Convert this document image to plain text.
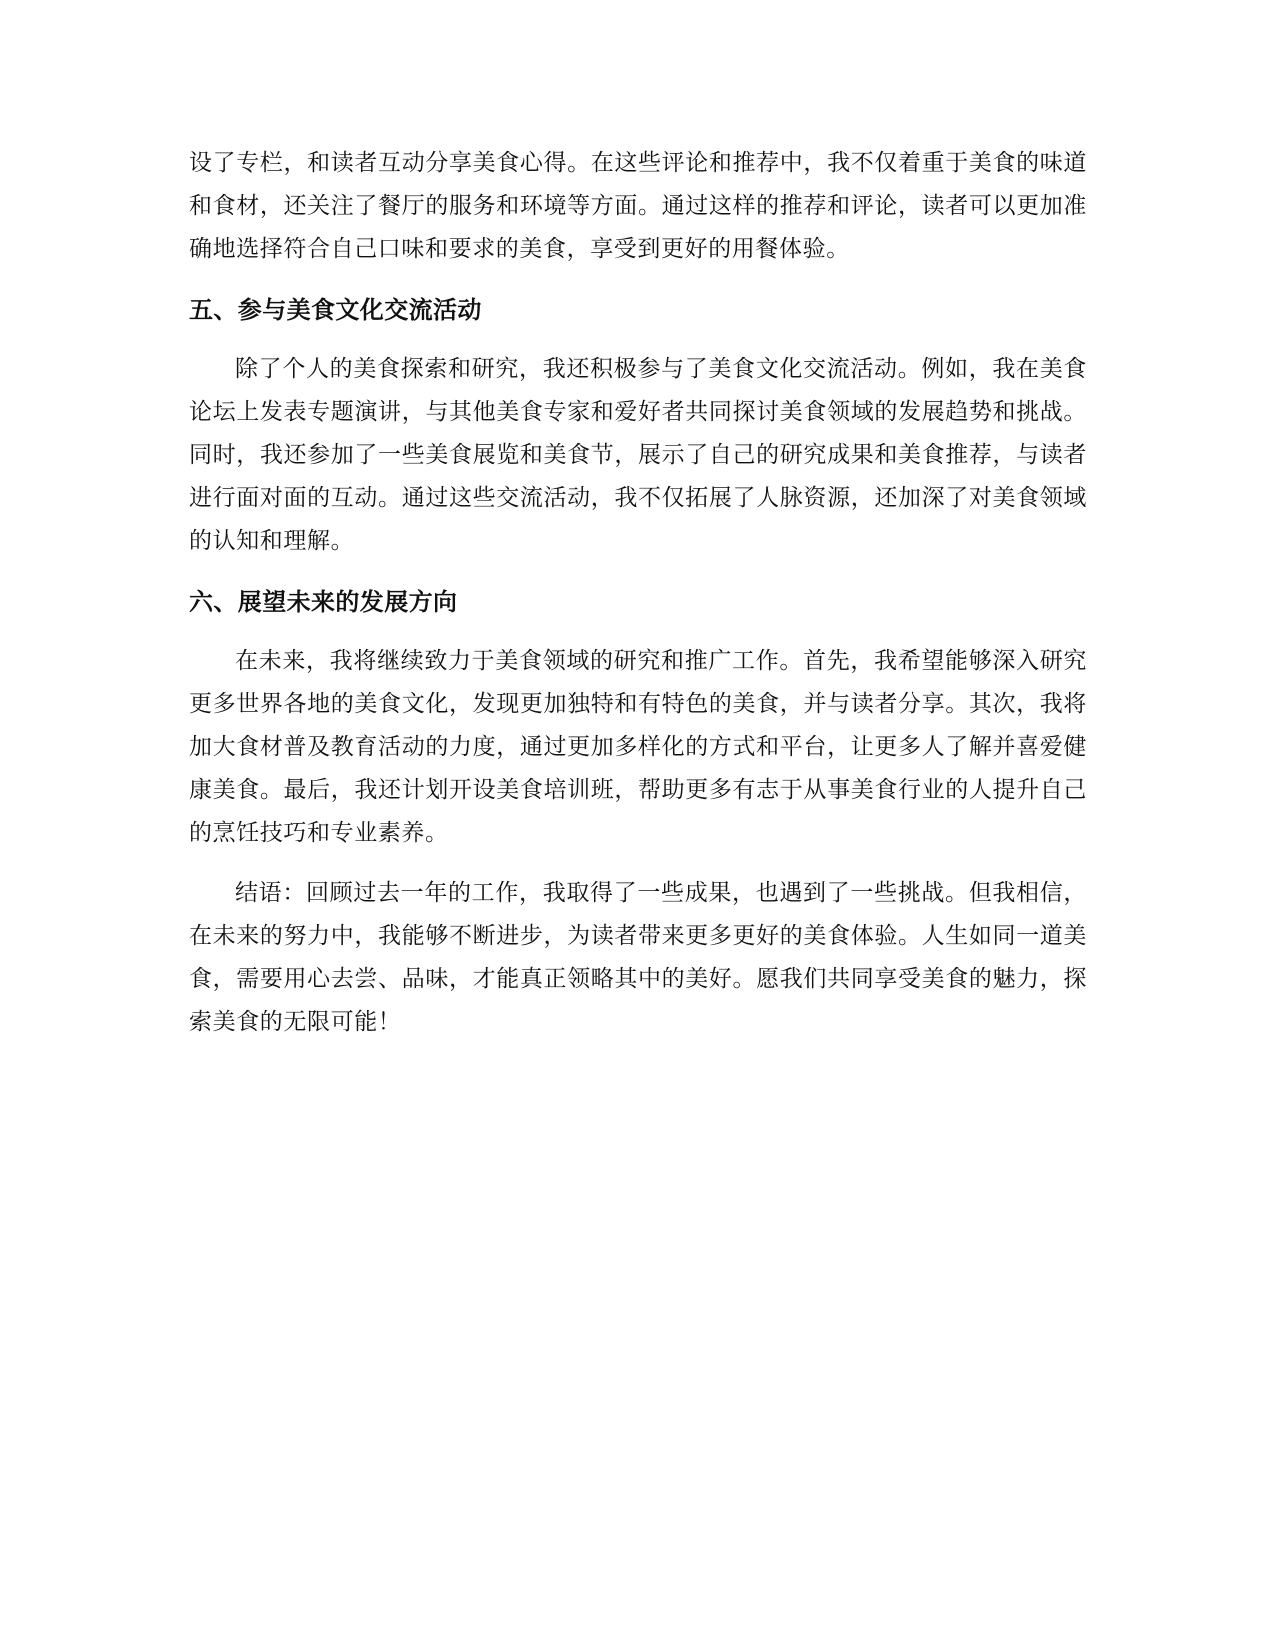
设了专栏，和读者互动分享美食心得。在这些评论和推荐中，我不仅着重于美食的味道和食材，还关注了餐厅的服务和环境等方面。通过这样的推荐和评论，读者可以更加准确地选择符合自己口味和要求的美食，享受到更好的用餐体验。

五、参与美食文化交流活动

除了个人的美食探索和研究，我还积极参与了美食文化交流活动。例如，我在美食论坛上发表专题演讲，与其他美食专家和爱好者共同探讨美食领域的发展趋势和挑战。同时，我还参加了一些美食展览和美食节，展示了自己的研究成果和美食推荐，与读者进行面对面的互动。通过这些交流活动，我不仅拓展了人脉资源，还加深了对美食领域的认知和理解。

六、展望未来的发展方向

在未来，我将继续致力于美食领域的研究和推广工作。首先，我希望能够深入研究更多世界各地的美食文化，发现更加独特和有特色的美食，并与读者分享。其次，我将加大食材普及教育活动的力度，通过更加多样化的方式和平台，让更多人了解并喜爱健康美食。最后，我还计划开设美食培训班，帮助更多有志于从事美食行业的人提升自己的烹饪技巧和专业素养。

结语：回顾过去一年的工作，我取得了一些成果，也遇到了一些挑战。但我相信，在未来的努力中，我能够不断进步，为读者带来更多更好的美食体验。人生如同一道美食，需要用心去尝、品味，才能真正领略其中的美好。愿我们共同享受美食的魅力，探索美食的无限可能！
